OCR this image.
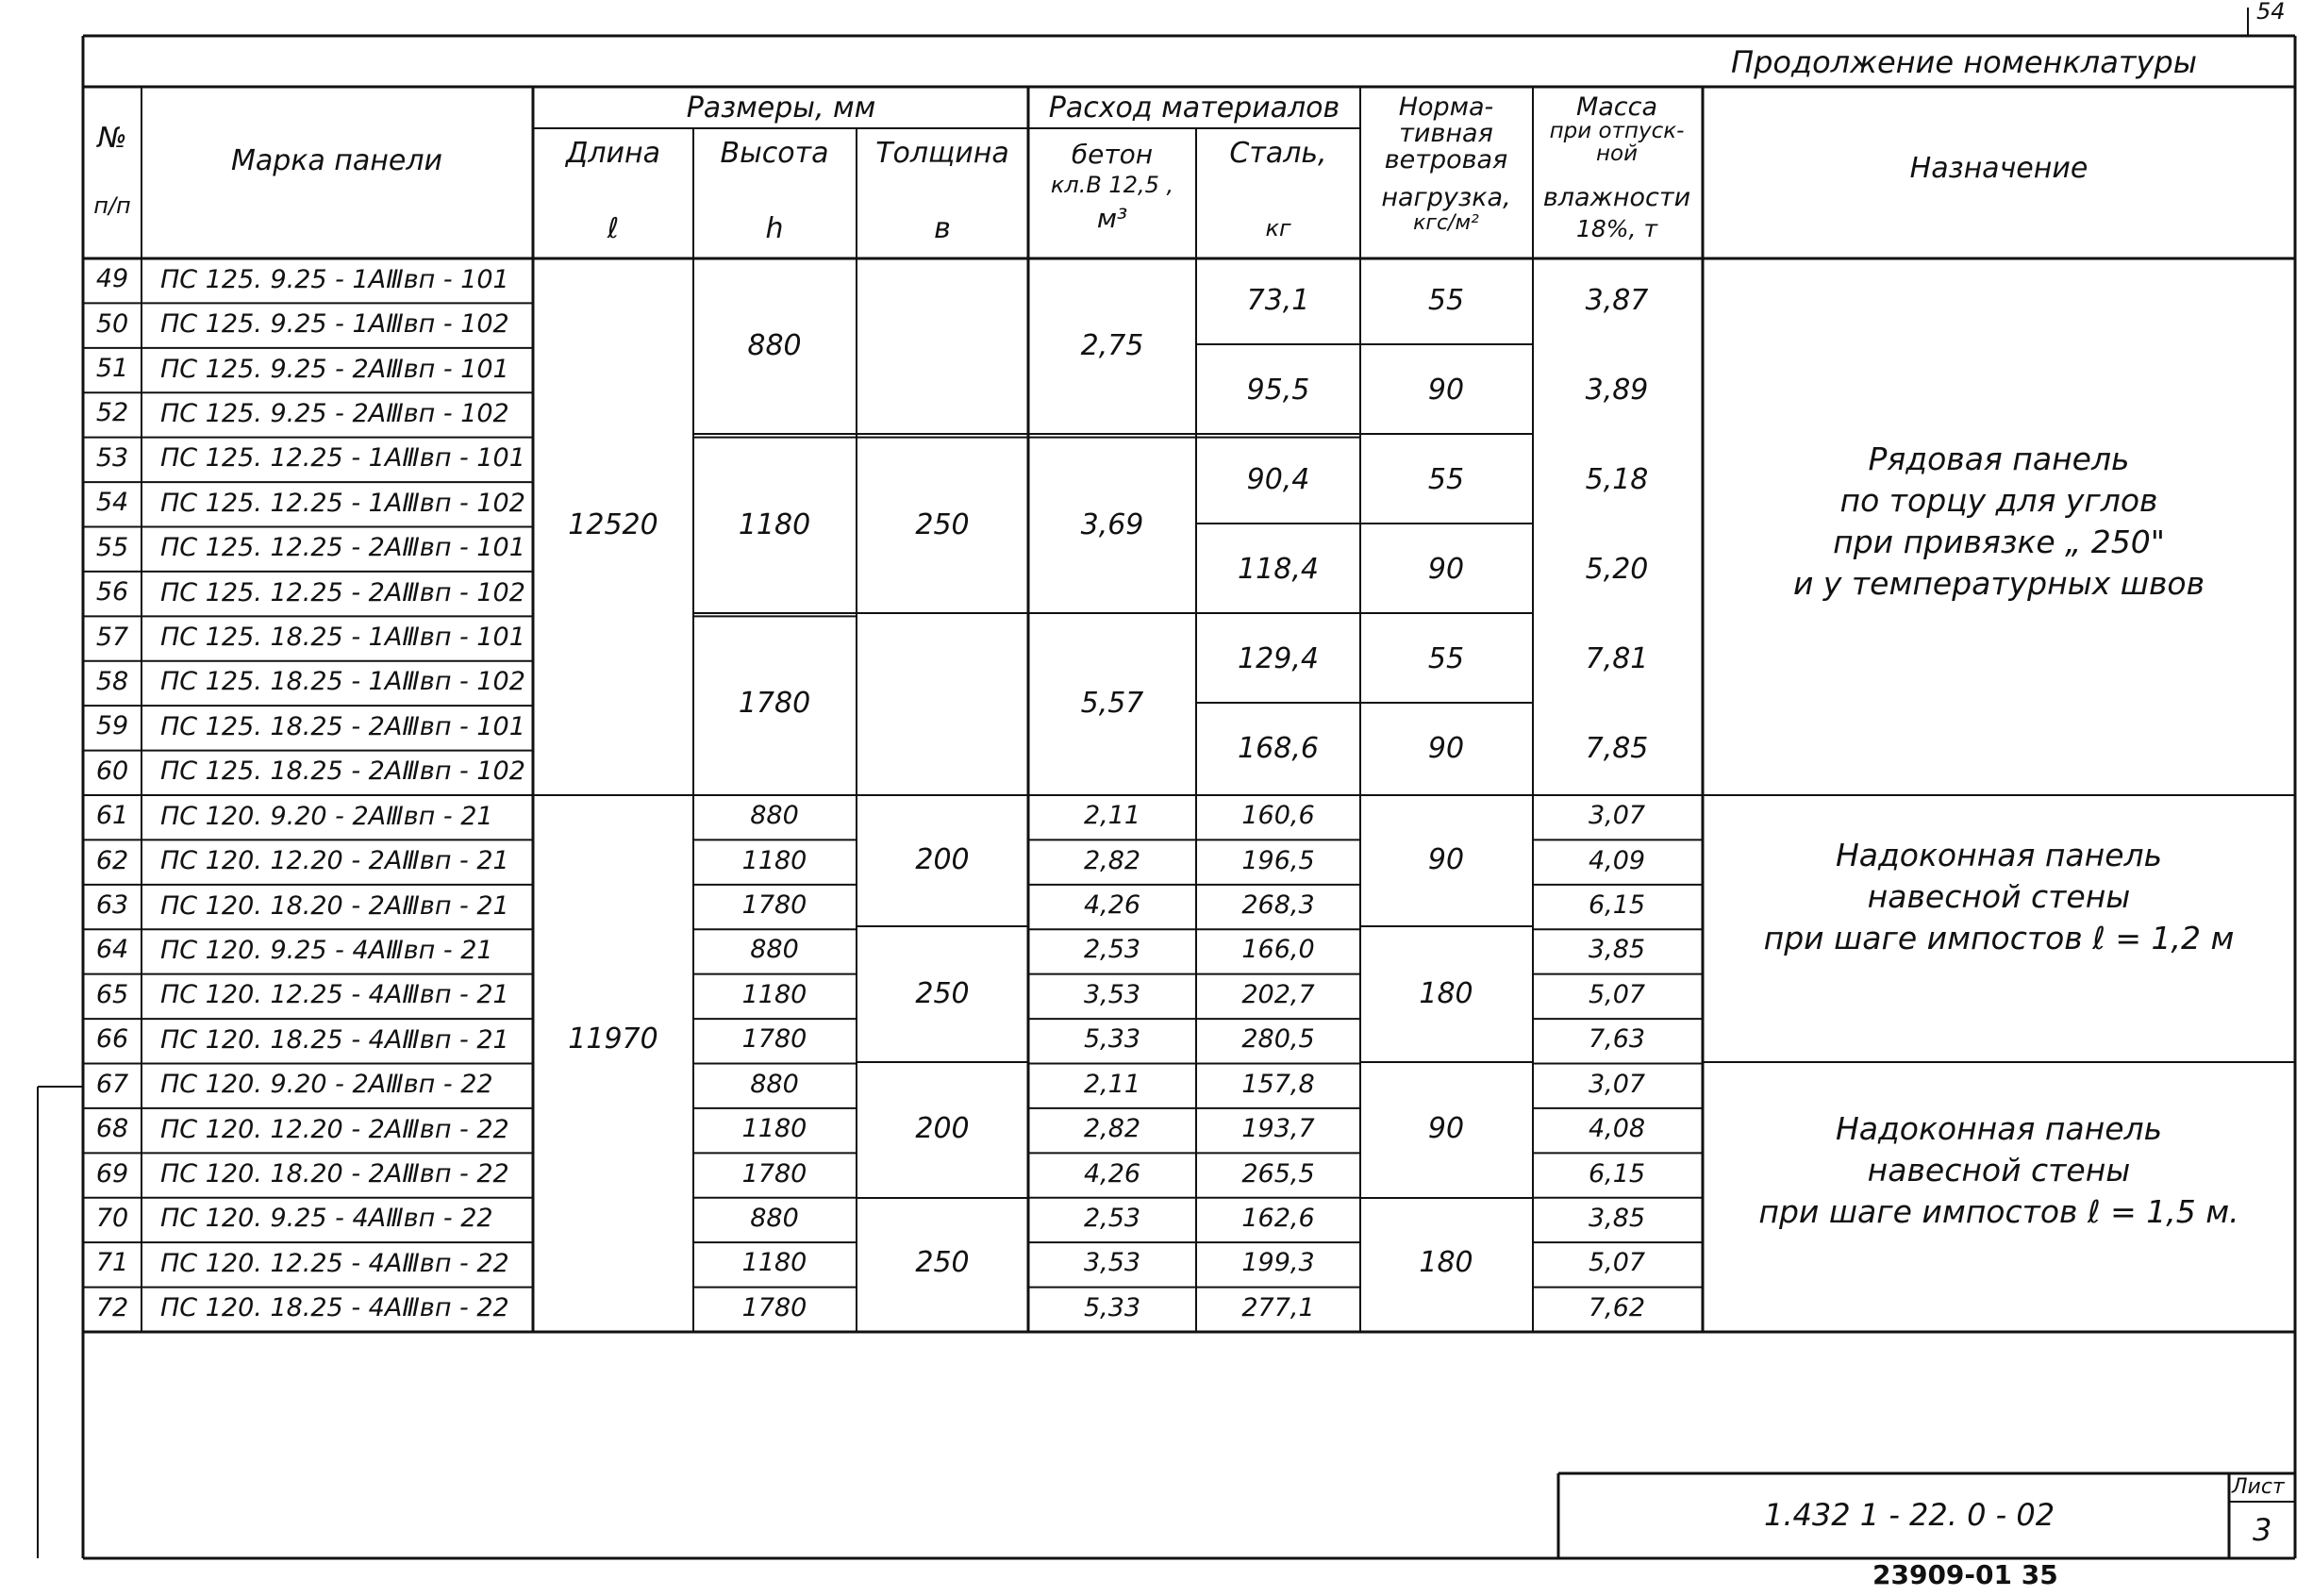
54
Продолжение номенклатуры
№
п/п
Марка панели
Размеры, мм
Длина
ℓ
Высота
h
Толщина
в
Расход материалов
бетон
кл.В 12,5 ,
м³
Сталь,
кг
Норма-
тивная
ветровая
нагрузка,
кгс/м²
Масса
при отпуск-
ной
влажности
18%, т
Назначение
49 ПС 125. 9.25 - 1АⅢвп - 101
50 ПС 125. 9.25 - 1АⅢвп - 102
51 ПС 125. 9.25 - 2АⅢвп - 101
52 ПС 125. 9.25 - 2АⅢвп - 102
53 ПС 125. 12.25 - 1АⅢвп - 101
54 ПС 125. 12.25 - 1АⅢвп - 102
55 ПС 125. 12.25 - 2АⅢвп - 101
56 ПС 125. 12.25 - 2АⅢвп - 102
57 ПС 125. 18.25 - 1АⅢвп - 101
58 ПС 125. 18.25 - 1АⅢвп - 102
59 ПС 125. 18.25 - 2АⅢвп - 101
60 ПС 125. 18.25 - 2АⅢвп - 102
61 ПС 120. 9.20 - 2АⅢвп - 21
62 ПС 120. 12.20 - 2АⅢвп - 21
63 ПС 120. 18.20 - 2АⅢвп - 21
64 ПС 120. 9.25 - 4АⅢвп - 21
65 ПС 120. 12.25 - 4АⅢвп - 21
66 ПС 120. 18.25 - 4АⅢвп - 21
67 ПС 120. 9.20 - 2АⅢвп - 22
68 ПС 120. 12.20 - 2АⅢвп - 22
69 ПС 120. 18.20 - 2АⅢвп - 22
70 ПС 120. 9.25 - 4АⅢвп - 22
71 ПС 120. 12.25 - 4АⅢвп - 22
72 ПС 120. 18.25 - 4АⅢвп - 22
12520
11970
880
1180
1780
880
1180
1780
880
1180
1780
880
1180
1780
880
1180
1780
250
200
250
200
250
2,75
3,69
5,57
2,11
2,82
4,26
2,53
3,53
5,33
2,11
2,82
4,26
2,53
3,53
5,33
73,1
95,5
90,4
118,4
129,4
168,6
160,6
196,5
268,3
166,0
202,7
280,5
157,8
193,7
265,5
162,6
199,3
277,1
55
90
55
90
55
90
90
180
90
180
3,87
3,89
5,18
5,20
7,81
7,85
3,07
4,09
6,15
3,85
5,07
7,63
3,07
4,08
6,15
3,85
5,07
7,62
Рядовая панель
по торцу для углов
при привязке „ 250"
и у температурных швов
Надоконная панель
навесной стены
при шаге импостов ℓ = 1,2 м
Надоконная панель
навесной стены
при шаге импостов ℓ = 1,5 м.
1.432 1 - 22. 0 - 02
Лист
3
23909-01 35
